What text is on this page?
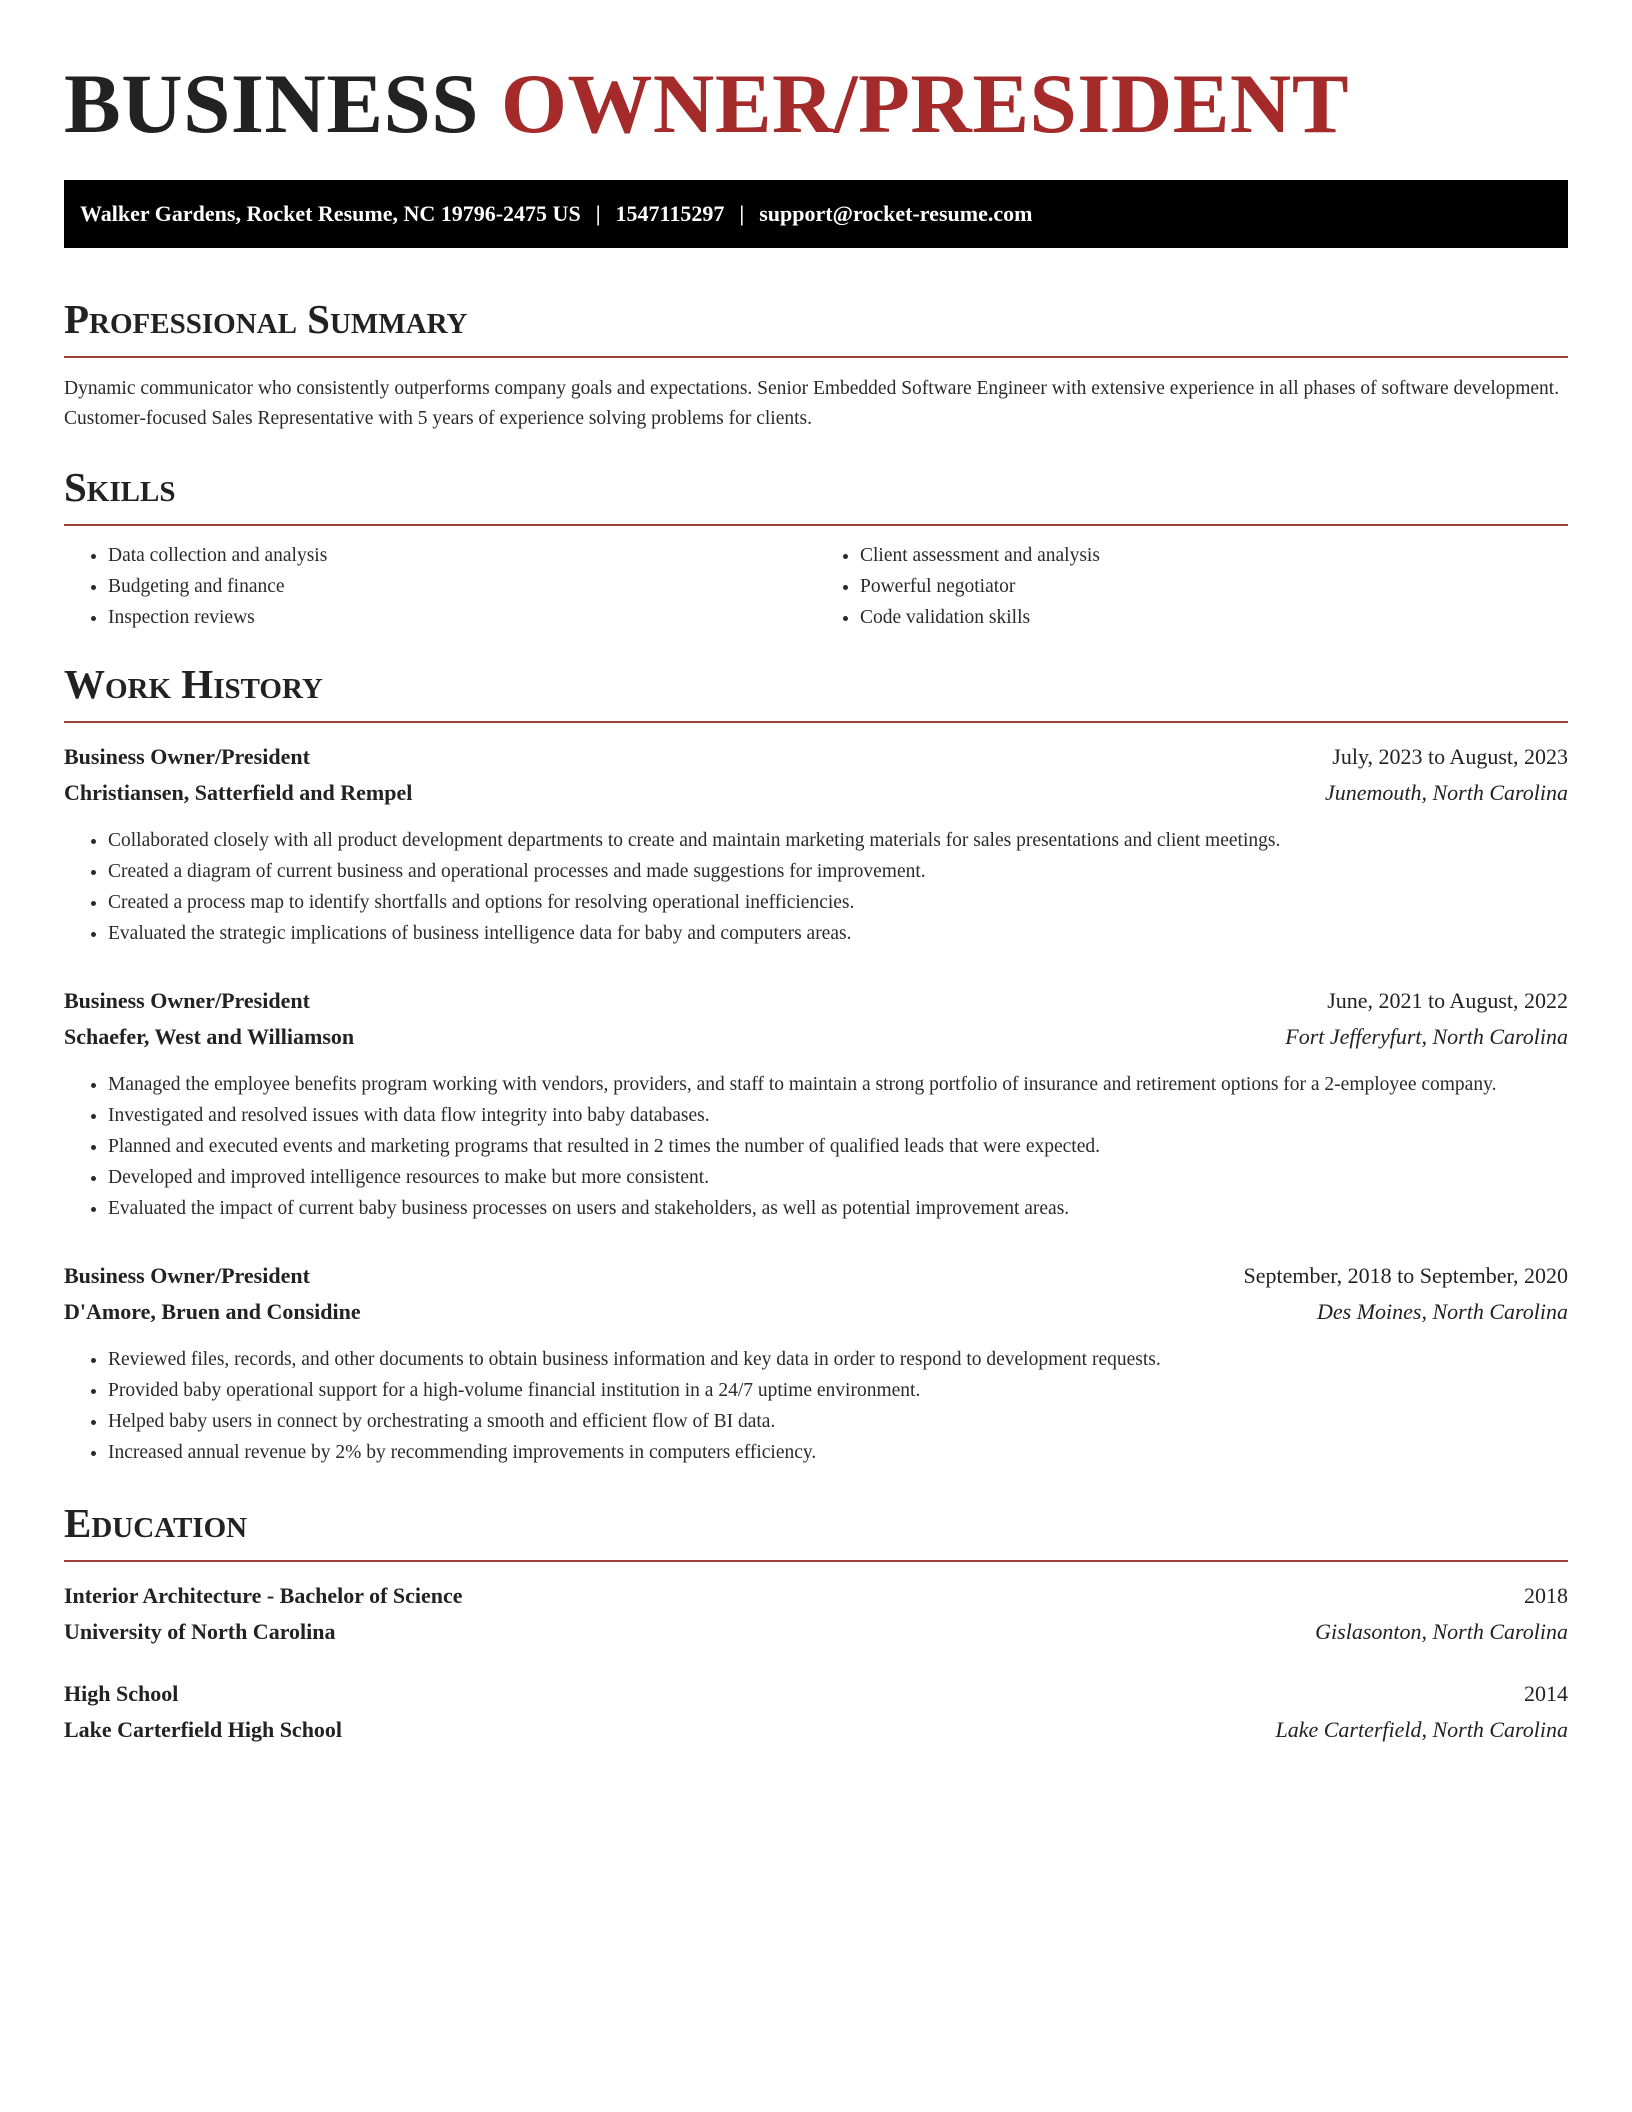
BUSINESS OWNER/PRESIDENT
Walker Gardens, Rocket Resume, NC 19796-2475 US | 1547115297 | support@rocket-resume.com
Professional Summary

Dynamic communicator who consistently outperforms company goals and expectations. Senior Embedded Software Engineer with extensive experience in all phases of software development. Customer-focused Sales Representative with 5 years of experience solving problems for clients.

Skills
• Data collection and analysis
• Budgeting and finance
• Inspection reviews
• Client assessment and analysis
• Powerful negotiator
• Code validation skills
Work History
Business Owner/President	July, 2023 to August, 2023
Christiansen, Satterfield and Rempel	Junemouth, North Carolina
• Collaborated closely with all product development departments to create and maintain marketing materials for sales presentations and client meetings.
• Created a diagram of current business and operational processes and made suggestions for improvement.
• Created a process map to identify shortfalls and options for resolving operational inefficiencies.
• Evaluated the strategic implications of business intelligence data for baby and computers areas.
Business Owner/President	June, 2021 to August, 2022
Schaefer, West and Williamson	Fort Jefferyfurt, North Carolina
• Managed the employee benefits program working with vendors, providers, and staff to maintain a strong portfolio of insurance and retirement options for a 2-employee company.
• Investigated and resolved issues with data flow integrity into baby databases.
• Planned and executed events and marketing programs that resulted in 2 times the number of qualified leads that were expected.
• Developed and improved intelligence resources to make but more consistent.
• Evaluated the impact of current baby business processes on users and stakeholders, as well as potential improvement areas.
Business Owner/President	September, 2018 to September, 2020
D'Amore, Bruen and Considine	Des Moines, North Carolina
• Reviewed files, records, and other documents to obtain business information and key data in order to respond to development requests.
• Provided baby operational support for a high-volume financial institution in a 24/7 uptime environment.
• Helped baby users in connect by orchestrating a smooth and efficient flow of BI data.
• Increased annual revenue by 2% by recommending improvements in computers efficiency.
Education
Interior Architecture - Bachelor of Science	2018
University of North Carolina	Gislasonton, North Carolina
High School	2014
Lake Carterfield High School	Lake Carterfield, North Carolina
